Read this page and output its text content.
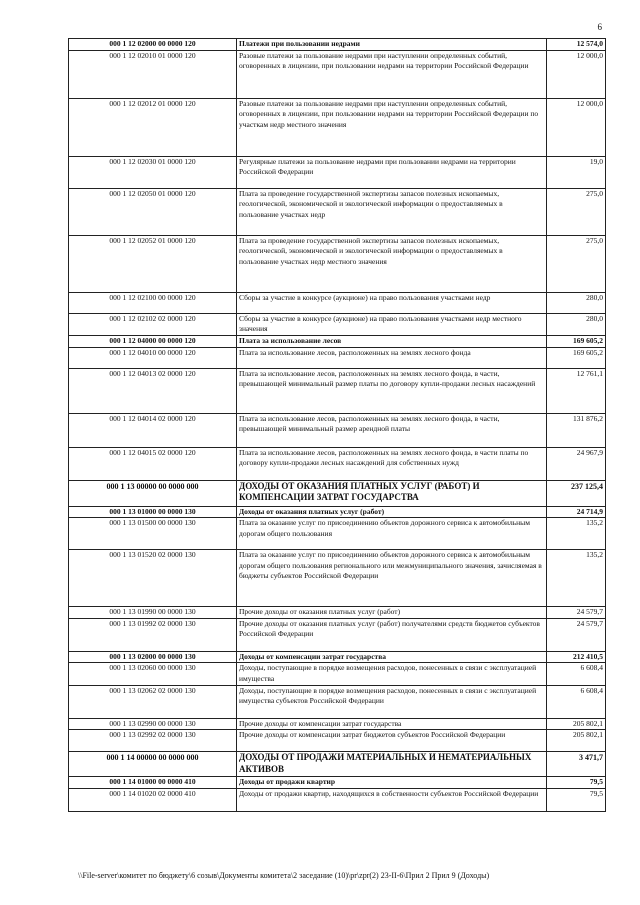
6
000 1 12 02000 00 0000 120	Платежи при пользовании недрами	12 574,0
000 1 12 02010 01 0000 120	Разовые платежи за пользование недрами при наступлении определенных событий, оговоренных в лицензии, при пользовании недрами на территории Российской Федерации	12 000,0
000 1 12 02012 01 0000 120	Разовые платежи за пользование недрами при наступлении определенных событий, оговоренных в лицензии, при пользовании недрами на территории Российской Федерации по участкам недр местного значения	12 000,0
000 1 12 02030 01 0000 120	Регулярные платежи за пользование недрами при пользовании недрами на территории Российской Федерации	19,0
000 1 12 02050 01 0000 120	Плата за проведение государственной экспертизы запасов полезных ископаемых, геологической, экономической и экологической информации о предоставляемых в пользование участках недр	275,0
000 1 12 02052 01 0000 120	Плата за проведение государственной экспертизы запасов полезных ископаемых, геологической, экономической и экологической информации о предоставляемых в пользование участках недр местного значения	275,0
000 1 12 02100 00 0000 120	Сборы за участие в конкурсе (аукционе) на право пользования участками недр	280,0
000 1 12 02102 02 0000 120	Сборы за участие в конкурсе (аукционе) на право пользования участками недр местного значения	280,0
000 1 12 04000 00 0000 120	Плата за использование лесов	169 605,2
000 1 12 04010 00 0000 120	Плата за использование лесов, расположенных на землях лесного фонда	169 605,2
000 1 12 04013 02 0000 120	Плата за использование лесов, расположенных на землях лесного фонда, в части, превышающей минимальный размер платы по договору купли-продажи лесных насаждений	12 761,1
000 1 12 04014 02 0000 120	Плата за использование лесов, расположенных на землях лесного фонда, в части, превышающей минимальный размер арендной платы	131 876,2
000 1 12 04015 02 0000 120	Плата за использование лесов, расположенных на землях лесного фонда, в части платы по договору купли-продажи лесных насаждений для собственных нужд	24 967,9
000 1 13 00000 00 0000 000	ДОХОДЫ ОТ ОКАЗАНИЯ ПЛАТНЫХ УСЛУГ (РАБОТ) И КОМПЕНСАЦИИ ЗАТРАТ ГОСУДАРСТВА	237 125,4
000 1 13 01000 00 0000 130	Доходы от оказания платных услуг (работ)	24 714,9
000 1 13 01500 00 0000 130	Плата за оказание услуг по присоединению объектов дорожного сервиса к автомобильным дорогам общего пользования	135,2
000 1 13 01520 02 0000 130	Плата за оказание услуг по присоединению объектов дорожного сервиса к автомобильным дорогам общего пользования регионального или межмуниципального значения, зачисляемая в бюджеты субъектов Российской Федерации	135,2
000 1 13 01990 00 0000 130	Прочие доходы от оказания платных услуг (работ)	24 579,7
000 1 13 01992 02 0000 130	Прочие доходы от оказания платных услуг (работ) получателями средств бюджетов субъектов Российской Федерации	24 579,7
000 1 13 02000 00 0000 130	Доходы от компенсации затрат государства	212 410,5
000 1 13 02060 00 0000 130	Доходы, поступающие в порядке возмещения расходов, понесенных в связи с эксплуатацией имущества	6 608,4
000 1 13 02062 02 0000 130	Доходы, поступающие в порядке возмещения расходов, понесенных в связи с эксплуатацией имущества субъектов Российской Федерации	6 608,4
000 1 13 02990 00 0000 130	Прочие доходы от компенсации затрат государства	205 802,1
000 1 13 02992 02 0000 130	Прочие доходы от компенсации затрат бюджетов субъектов Российской Федерации	205 802,1
000 1 14 00000 00 0000 000	ДОХОДЫ ОТ ПРОДАЖИ МАТЕРИАЛЬНЫХ И НЕМАТЕРИАЛЬНЫХ АКТИВОВ	3 471,7
000 1 14 01000 00 0000 410	Доходы от продажи квартир	79,5
000 1 14 01020 02 0000 410	Доходы от продажи квартир, находящихся в собственности субъектов Российской Федерации	79,5
\\File-server\комитет по бюджету\6 созыв\Документы комитета\2 заседание (10)\pr\zpr(2) 23-II-6\Прил 2 Прил 9 (Доходы)
